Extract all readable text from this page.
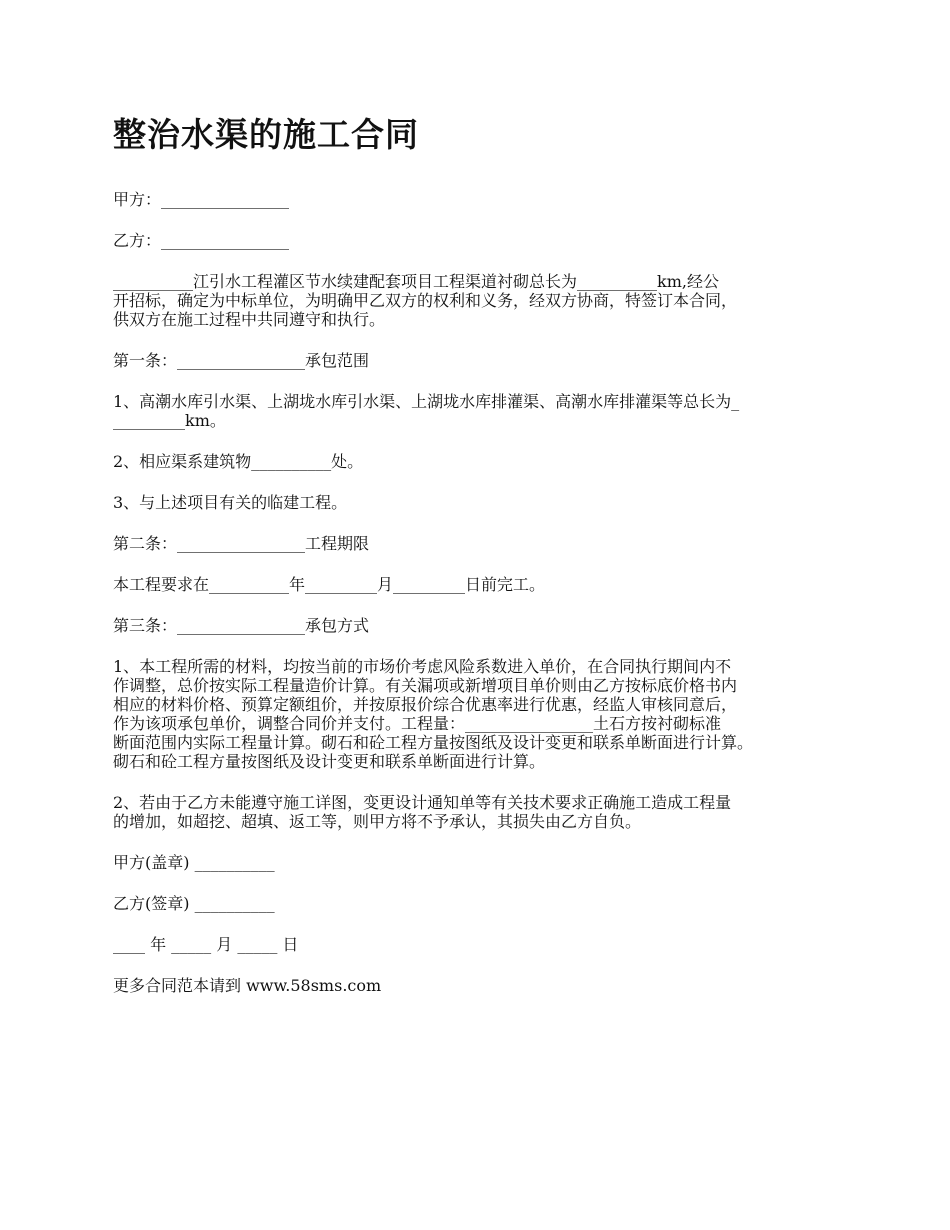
整治水渠的施工合同

甲方：________________

乙方：________________

__________江引水工程灌区节水续建配套项目工程渠道衬砌总长为__________km,经公
开招标，确定为中标单位，为明确甲乙双方的权利和义务，经双方协商，特签订本合同，
供双方在施工过程中共同遵守和执行。

第一条：________________承包范围

1、高潮水库引水渠、上湖垅水库引水渠、上湖垅水库排灌渠、高潮水库排灌渠等总长为_
_________km。

2、相应渠系建筑物__________处。

3、与上述项目有关的临建工程。

第二条：________________工程期限

本工程要求在__________年_________月_________日前完工。

第三条：________________承包方式

1、本工程所需的材料，均按当前的市场价考虑风险系数进入单价，在合同执行期间内不
作调整，总价按实际工程量造价计算。有关漏项或新增项目单价则由乙方按标底价格书内
相应的材料价格、预算定额组价，并按原报价综合优惠率进行优惠，经监人审核同意后，
作为该项承包单价，调整合同价并支付。工程量：________________土石方按衬砌标准
断面范围内实际工程量计算。砌石和砼工程方量按图纸及设计变更和联系单断面进行计算。
砌石和砼工程方量按图纸及设计变更和联系单断面进行计算。

2、若由于乙方未能遵守施工详图，变更设计通知单等有关技术要求正确施工造成工程量
的增加，如超挖、超填、返工等，则甲方将不予承认，其损失由乙方自负。

甲方(盖章) __________

乙方(签章) __________

____ 年 _____ 月 _____ 日

更多合同范本请到 www.58sms.com
